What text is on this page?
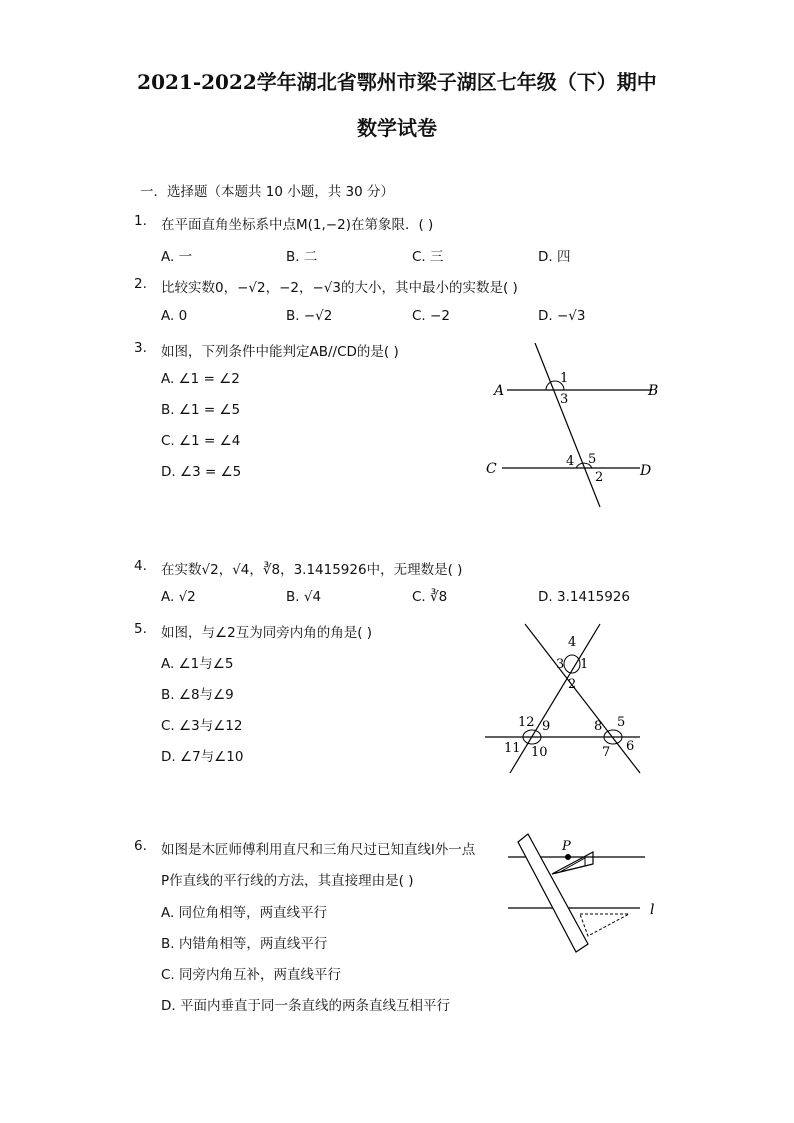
2021-2022学年湖北省鄂州市梁子湖区七年级（下）期中
数学试卷
一．选择题（本题共 10 小题，共 30 分）
1. 在平面直角坐标系中点M(1,−2)在第象限．( )
A. 一	B. 二	C. 三	D. 四
2. 比较实数0，−√2，−2，−√3的大小，其中最小的实数是( )
A. 0	B. −√2	C. −2	D. −√3
3. 如图，下列条件中能判定AB//CD的是( )
A. ∠1 = ∠2
B. ∠1 = ∠5
C. ∠1 = ∠4
D. ∠3 = ∠5
A	B
C	D
1
3
4 5
2
4. 在实数√2，√4，∛8，3.1415926中，无理数是( )
A. √2	B. √4	C. ∛8	D. 3.1415926
5. 如图，与∠2互为同旁内角的角是( )
A. ∠1与∠5
B. ∠8与∠9
C. ∠3与∠12
D. ∠7与∠10
4
3 1
2
12 9
11 10
8 5
7 6
6. 如图是木匠师傅利用直尺和三角尺过已知直线l外一点
P作直线的平行线的方法，其直接理由是( )
A. 同位角相等，两直线平行
B. 内错角相等，两直线平行
C. 同旁内角互补，两直线平行
D. 平面内垂直于同一条直线的两条直线互相平行
P
l
